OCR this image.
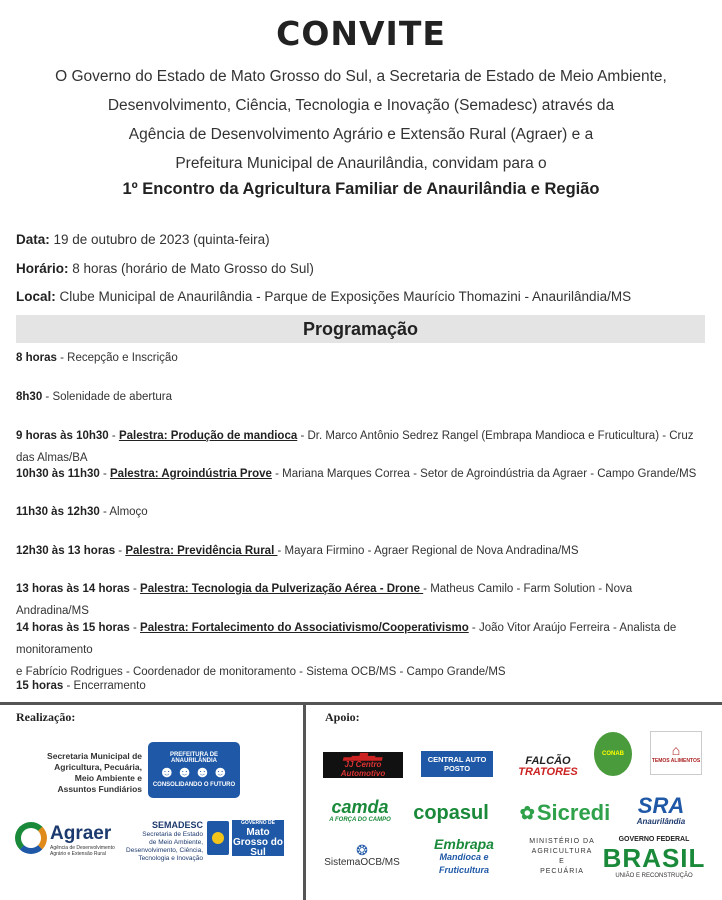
CONVITE
O Governo do Estado de Mato Grosso do Sul, a Secretaria de Estado de Meio Ambiente,
Desenvolvimento, Ciência, Tecnologia e Inovação (Semadesc) através da
Agência de Desenvolvimento Agrário e Extensão Rural (Agraer) e a
Prefeitura Municipal de Anaurilândia, convidam para o
1º Encontro da Agricultura Familiar de Anaurilândia e Região
Data: 19 de outubro de 2023 (quinta-feira)
Horário: 8 horas (horário de Mato Grosso do Sul)
Local: Clube Municipal de Anaurilândia - Parque de Exposições Maurício Thomazini - Anaurilândia/MS
Programação
8 horas - Recepção e Inscrição
8h30 - Solenidade de abertura
9 horas às 10h30 - Palestra: Produção de mandioca - Dr. Marco Antônio Sedrez Rangel (Embrapa Mandioca e Fruticultura) - Cruz das Almas/BA
10h30 às 11h30 - Palestra: Agroindústria Prove - Mariana Marques Correa - Setor de Agroindústria da Agraer - Campo Grande/MS
11h30 às 12h30 - Almoço
12h30 às 13 horas - Palestra: Previdência Rural - Mayara Firmino - Agraer Regional de Nova Andradina/MS
13 horas às 14 horas - Palestra: Tecnologia da Pulverização Aérea - Drone - Matheus Camilo - Farm Solution - Nova Andradina/MS
14 horas às 15 horas - Palestra: Fortalecimento do Associativismo/Cooperativismo - João Vitor Araújo Ferreira - Analista de monitoramento
e Fabrício Rodrigues - Coordenador de monitoramento - Sistema OCB/MS - Campo Grande/MS
15 horas - Encerramento
Realização:	Apoio:
Secretaria Municipal de
Agricultura, Pecuária,
Meio Ambiente e
Assuntos Fundiários
PREFEITURA DE ANAURILÂNDIA
☻☻☻☻
CONSOLIDANDO O FUTURO
Agraer
Agência de Desenvolvimento Agrário e Extensão Rural
SEMADESC
Secretaria de Estado
de Meio Ambiente,
Desenvolvimento, Ciência,
Tecnologia e Inovação
GOVERNO DE
Mato Grosso do Sul
▂▃▅▃▂
JJ Centro Automotivo
CENTRAL AUTO POSTO
FALCÃO
TRATORES
CONAB	⌂
TEMOS ALIMENTOS
camda
A FORÇA DO CAMPO copasul ✿ Sicredi SRA
Anaurilândia
❂
SistemaOCB/MS
Embrapa
Mandioca e Fruticultura
MINISTÉRIO DA
AGRICULTURA E
PECUÁRIA
GOVERNO FEDERAL
BRASIL
UNIÃO E RECONSTRUÇÃO
